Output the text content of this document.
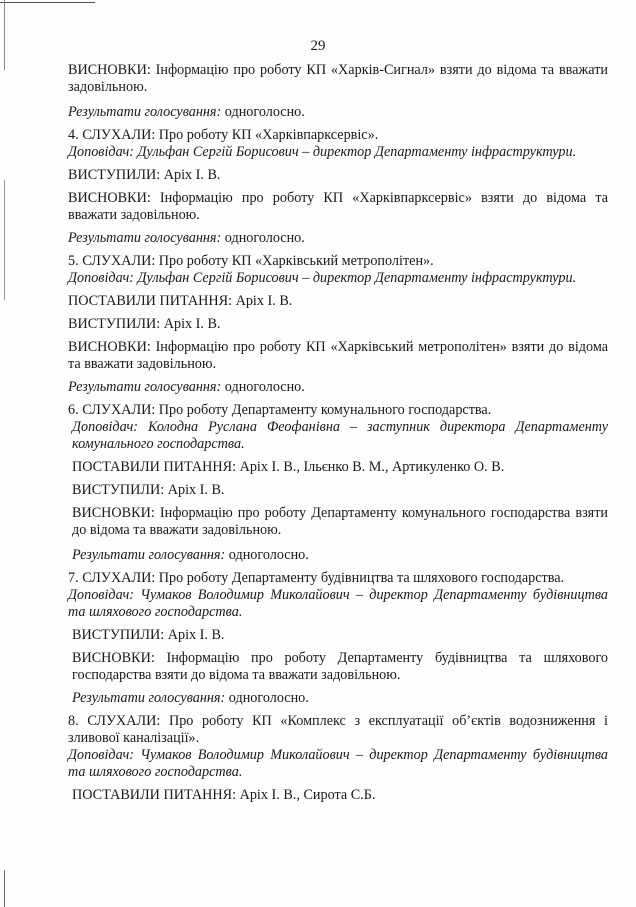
29

ВИСНОВКИ: Інформацію про роботу КП «Харків-Сигнал» взяти до відома та вважати задовільною.

Результати голосування: одноголосно.

4. СЛУХАЛИ: Про роботу КП «Харківпарксервіс».

Доповідач: Дульфан Сергій Борисович – директор Департаменту інфраструктури.

ВИСТУПИЛИ: Аріх І. В.

ВИСНОВКИ: Інформацію про роботу КП «Харківпарксервіс» взяти до відома та вважати задовільною.

Результати голосування: одноголосно.

5. СЛУХАЛИ: Про роботу КП «Харківський метрополітен».

Доповідач: Дульфан Сергій Борисович – директор Департаменту інфраструктури.

ПОСТАВИЛИ ПИТАННЯ: Аріх І. В.

ВИСТУПИЛИ: Аріх І. В.

ВИСНОВКИ: Інформацію про роботу КП «Харківський метрополітен» взяти до відома та вважати задовільною.

Результати голосування: одноголосно.

6. СЛУХАЛИ: Про роботу Департаменту комунального господарства.

Доповідач: Колодна Руслана Феофанівна – заступник директора Департаменту комунального господарства.

ПОСТАВИЛИ ПИТАННЯ: Аріх І. В., Ільєнко В. М., Артикуленко О. В.

ВИСТУПИЛИ: Аріх І. В.

ВИСНОВКИ: Інформацію про роботу Департаменту комунального господарства взяти до відома та вважати задовільною.

Результати голосування: одноголосно.

7. СЛУХАЛИ: Про роботу Департаменту будівництва та шляхового господарства.

Доповідач: Чумаков Володимир Миколайович – директор Департаменту будівництва та шляхового господарства.

ВИСТУПИЛИ: Аріх І. В.

ВИСНОВКИ: Інформацію про роботу Департаменту будівництва та шляхового господарства взяти до відома та вважати задовільною.

Результати голосування: одноголосно.

8. СЛУХАЛИ: Про роботу КП «Комплекс з експлуатації об’єктів водозниження і зливової каналізації».

Доповідач: Чумаков Володимир Миколайович – директор Департаменту будівництва та шляхового господарства.

ПОСТАВИЛИ ПИТАННЯ: Аріх І. В., Сирота С.Б.
